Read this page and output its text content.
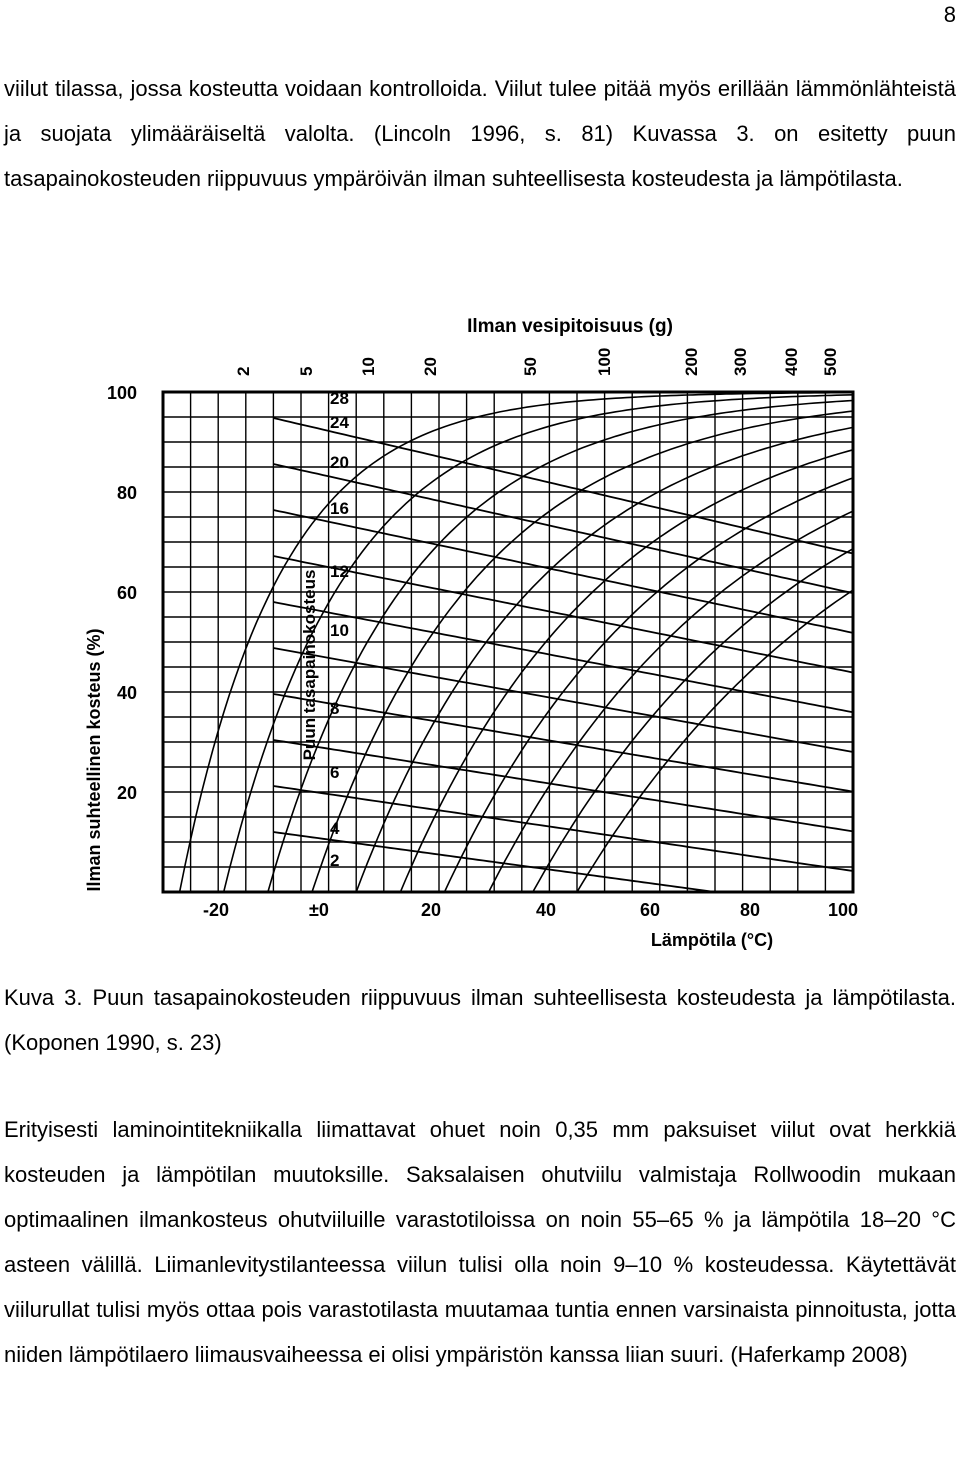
8

viilut tilassa, jossa kosteutta voidaan kontrolloida. Viilut tulee pitää myös erillään lämmönlähteistä ja suojata ylimääräiseltä valolta. (Lincoln 1996, s. 81) Kuvassa 3. on esitetty puun tasapainokosteuden riippuvuus ympäröivän ilman suhteellisesta kosteudesta ja lämpötilasta.

Ilman vesipitoisuus (g)
2	5	10	20	50	100	200 300 400 500
100
80
60
40
20
Ilman suhteellinen kosteus (%)	Puun tasapainokosteus
28
24
20
16
12
10
8
6
4
2
-20	±0	20	40	60	80	100
Lämpötila (°C)

Kuva 3. Puun tasapainokosteuden riippuvuus ilman suhteellisesta kosteudesta ja lämpötilasta. (Koponen 1990, s. 23)

Erityisesti laminointitekniikalla liimattavat ohuet noin 0,35 mm paksuiset viilut ovat herkkiä kosteuden ja lämpötilan muutoksille. Saksalaisen ohutviilu valmistaja Rollwoodin mukaan optimaalinen ilmankosteus ohutviiluille varastotiloissa on noin 55–65 % ja lämpötila 18–20 °C asteen välillä. Liimanlevitystilanteessa viilun tulisi olla noin 9–10 % kosteudessa. Käytettävät viilurullat tulisi myös ottaa pois varastotilasta muutamaa tuntia ennen varsinaista pinnoitusta, jotta niiden lämpötilaero liimausvaiheessa ei olisi ympäristön kanssa liian suuri. (Haferkamp 2008)
